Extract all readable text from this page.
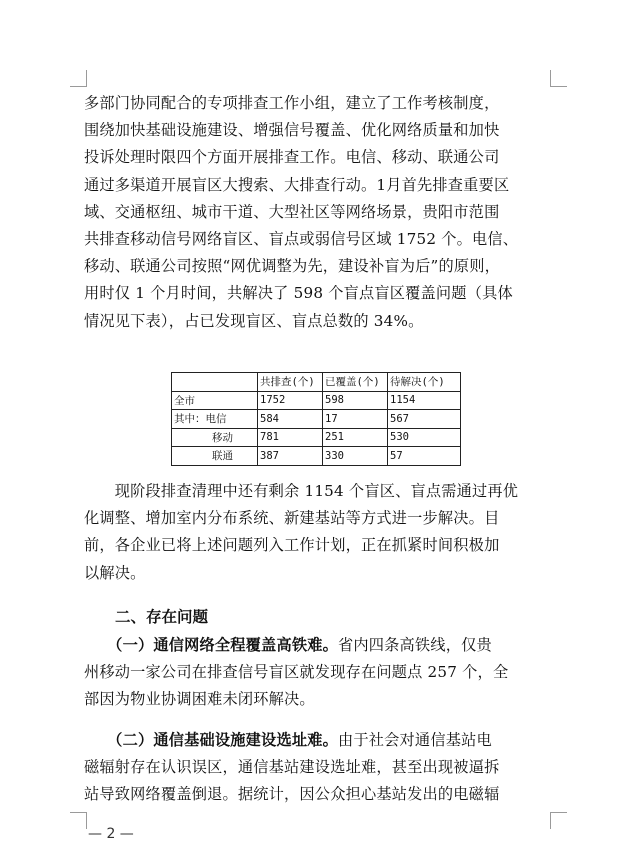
多部门协同配合的专项排查工作小组，建立了工作考核制度，
围绕加快基础设施建设、增强信号覆盖、优化网络质量和加快
投诉处理时限四个方面开展排查工作。电信、移动、联通公司
通过多渠道开展盲区大搜索、大排查行动。1月首先排查重要区
域、交通枢纽、城市干道、大型社区等网络场景，贵阳市范围
共排查移动信号网络盲区、盲点或弱信号区域 1752 个。电信、
移动、联通公司按照“网优调整为先，建设补盲为后”的原则，
用时仅 1 个月时间，共解决了 598 个盲点盲区覆盖问题（具体
情况见下表），占已发现盲区、盲点总数的 34%。
	共排查(个)	已覆盖(个)	待解决(个)
全市	1752	598	1154
其中：电信	584	17	567
移动	781	251	530
联通	387	330	57
　　现阶段排查清理中还有剩余 1154 个盲区、盲点需通过再优
化调整、增加室内分布系统、新建基站等方式进一步解决。目
前，各企业已将上述问题列入工作计划，正在抓紧时间积极加
以解决。
二、存在问题
　　（一）通信网络全程覆盖高铁难。省内四条高铁线，仅贵
州移动一家公司在排查信号盲区就发现存在问题点 257 个，全
部因为物业协调困难未闭环解决。
　　（二）通信基础设施建设选址难。由于社会对通信基站电
磁辐射存在认识误区，通信基站建设选址难，甚至出现被逼拆
站导致网络覆盖倒退。据统计，因公众担心基站发出的电磁辐
— 2 —
